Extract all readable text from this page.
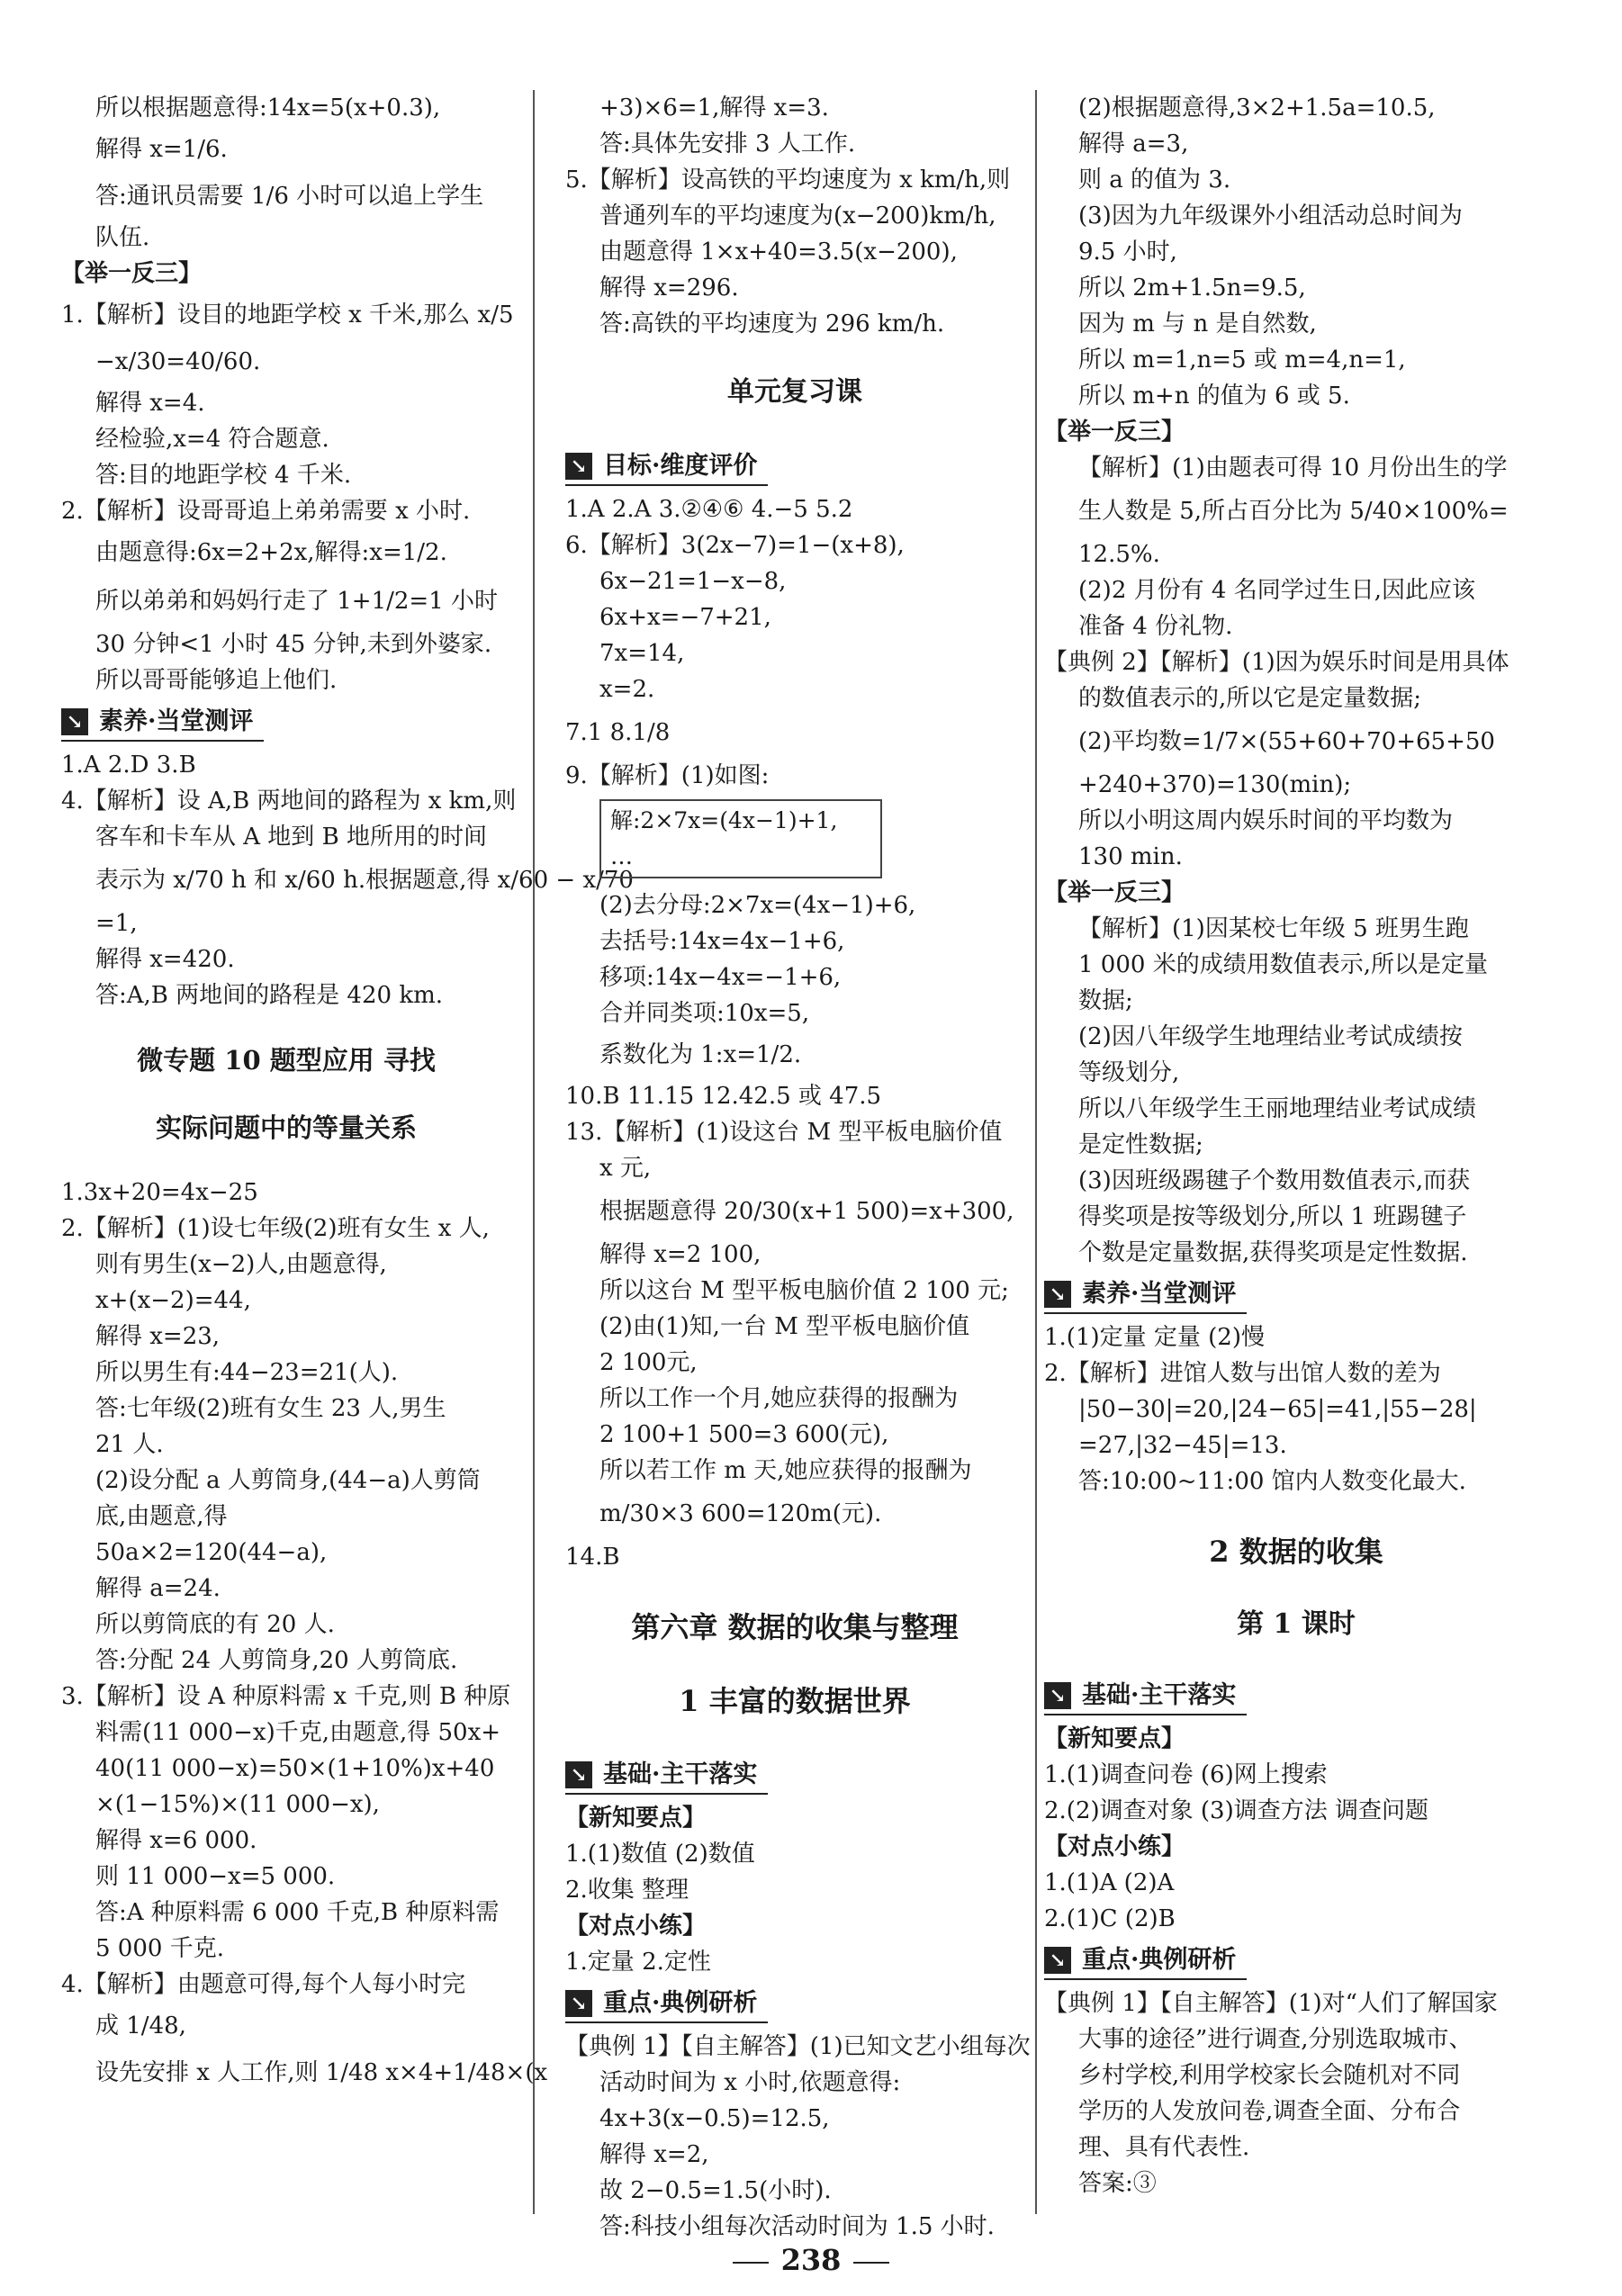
所以根据题意得:14x=5(x+0.3),

解得 x=1/6.

答:通讯员需要 1/6 小时可以追上学生

队伍.

【举一反三】

1.【解析】设目的地距学校 x 千米,那么 x/5

−x/30=40/60.

解得 x=4.

经检验,x=4 符合题意.

答:目的地距学校 4 千米.

2.【解析】设哥哥追上弟弟需要 x 小时.

由题意得:6x=2+2x,解得:x=1/2.

所以弟弟和妈妈行走了 1+1/2=1 小时

30 分钟<1 小时 45 分钟,未到外婆家.

所以哥哥能够追上他们.

↘ 素养·当堂测评

1.A 2.D 3.B

4.【解析】设 A,B 两地间的路程为 x km,则

客车和卡车从 A 地到 B 地所用的时间

表示为 x/70 h 和 x/60 h.根据题意,得 x/60 − x/70

=1,

解得 x=420.

答:A,B 两地间的路程是 420 km.

微专题 10 题型应用 寻找

实际问题中的等量关系

1.3x+20=4x−25

2.【解析】(1)设七年级(2)班有女生 x 人,

则有男生(x−2)人,由题意得,

x+(x−2)=44,

解得 x=23,

所以男生有:44−23=21(人).

答:七年级(2)班有女生 23 人,男生

21 人.

(2)设分配 a 人剪筒身,(44−a)人剪筒

底,由题意,得

50a×2=120(44−a),

解得 a=24.

所以剪筒底的有 20 人.

答:分配 24 人剪筒身,20 人剪筒底.

3.【解析】设 A 种原料需 x 千克,则 B 种原

料需(11 000−x)千克,由题意,得 50x+

40(11 000−x)=50×(1+10%)x+40

×(1−15%)×(11 000−x),

解得 x=6 000.

则 11 000−x=5 000.

答:A 种原料需 6 000 千克,B 种原料需

5 000 千克.

4.【解析】由题意可得,每个人每小时完

成 1/48,

设先安排 x 人工作,则 1/48 x×4+1/48×(x

+3)×6=1,解得 x=3.

答:具体先安排 3 人工作.

5.【解析】设高铁的平均速度为 x km/h,则

普通列车的平均速度为(x−200)km/h,

由题意得 1×x+40=3.5(x−200),

解得 x=296.

答:高铁的平均速度为 296 km/h.

单元复习课

↘ 目标·维度评价

1.A 2.A 3.②④⑥ 4.−5 5.2

6.【解析】3(2x−7)=1−(x+8),

6x−21=1−x−8,

6x+x=−7+21,

7x=14,

x=2.

7.1 8.1/8

9.【解析】(1)如图:

解:2×7x=(4x−1)+1,

…

(2)去分母:2×7x=(4x−1)+6,

去括号:14x=4x−1+6,

移项:14x−4x=−1+6,

合并同类项:10x=5,

系数化为 1:x=1/2.

10.B 11.15 12.42.5 或 47.5

13.【解析】(1)设这台 M 型平板电脑价值

x 元,

根据题意得 20/30(x+1 500)=x+300,

解得 x=2 100,

所以这台 M 型平板电脑价值 2 100 元;

(2)由(1)知,一台 M 型平板电脑价值

2 100元,

所以工作一个月,她应获得的报酬为

2 100+1 500=3 600(元),

所以若工作 m 天,她应获得的报酬为

m/30×3 600=120m(元).

14.B

第六章 数据的收集与整理

1 丰富的数据世界

↘ 基础·主干落实

【新知要点】

1.(1)数值 (2)数值

2.收集 整理

【对点小练】

1.定量 2.定性

↘ 重点·典例研析

【典例 1】【自主解答】(1)已知文艺小组每次

活动时间为 x 小时,依题意得:

4x+3(x−0.5)=12.5,

解得 x=2,

故 2−0.5=1.5(小时).

答:科技小组每次活动时间为 1.5 小时.

(2)根据题意得,3×2+1.5a=10.5,

解得 a=3,

则 a 的值为 3.

(3)因为九年级课外小组活动总时间为

9.5 小时,

所以 2m+1.5n=9.5,

因为 m 与 n 是自然数,

所以 m=1,n=5 或 m=4,n=1,

所以 m+n 的值为 6 或 5.

【举一反三】

【解析】(1)由题表可得 10 月份出生的学

生人数是 5,所占百分比为 5/40×100%=

12.5%.

(2)2 月份有 4 名同学过生日,因此应该

准备 4 份礼物.

【典例 2】【解析】(1)因为娱乐时间是用具体

的数值表示的,所以它是定量数据;

(2)平均数=1/7×(55+60+70+65+50

+240+370)=130(min);

所以小明这周内娱乐时间的平均数为

130 min.

【举一反三】

【解析】(1)因某校七年级 5 班男生跑

1 000 米的成绩用数值表示,所以是定量

数据;

(2)因八年级学生地理结业考试成绩按

等级划分,

所以八年级学生王丽地理结业考试成绩

是定性数据;

(3)因班级踢毽子个数用数值表示,而获

得奖项是按等级划分,所以 1 班踢毽子

个数是定量数据,获得奖项是定性数据.

↘ 素养·当堂测评

1.(1)定量 定量 (2)慢

2.【解析】进馆人数与出馆人数的差为

|50−30|=20,|24−65|=41,|55−28|

=27,|32−45|=13.

答:10:00~11:00 馆内人数变化最大.

2 数据的收集

第 1 课时

↘ 基础·主干落实

【新知要点】

1.(1)调查问卷 (6)网上搜索

2.(2)调查对象 (3)调查方法 调查问题

【对点小练】

1.(1)A (2)A

2.(1)C (2)B

↘ 重点·典例研析

【典例 1】【自主解答】(1)对“人们了解国家

大事的途径”进行调查,分别选取城市、

乡村学校,利用学校家长会随机对不同

学历的人发放问卷,调查全面、分布合

理、具有代表性.

答案:③

238
